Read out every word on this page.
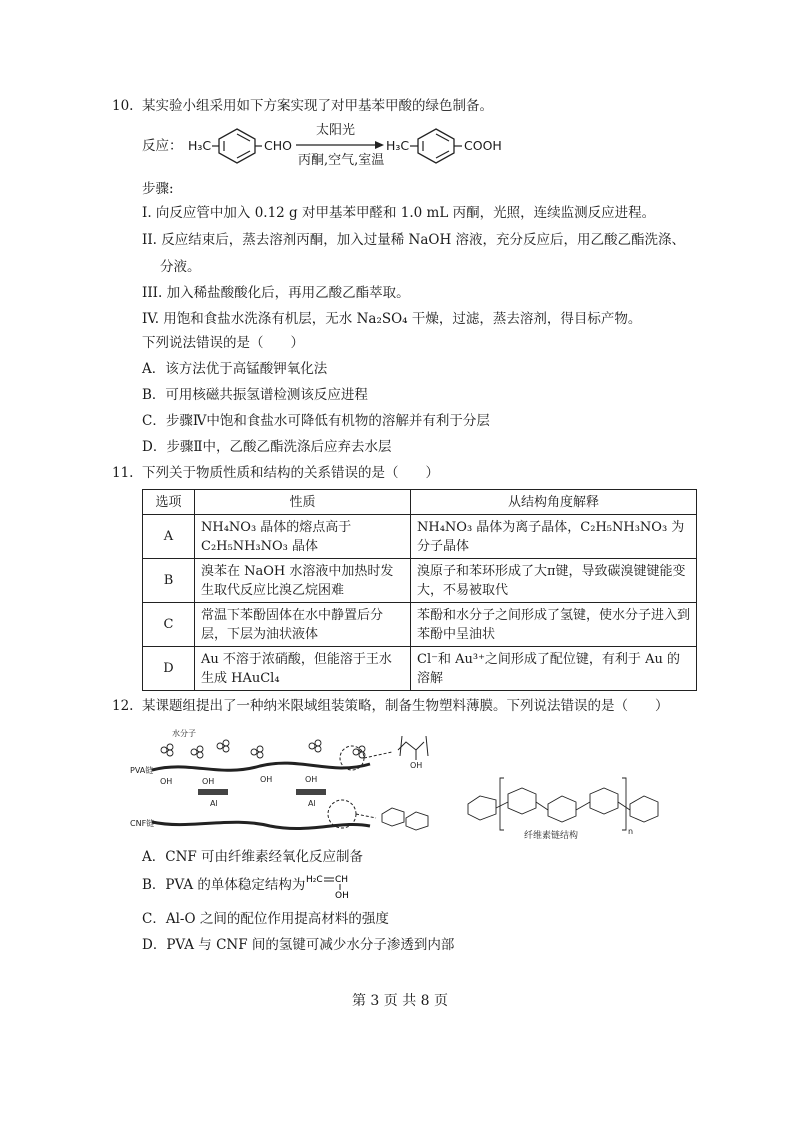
10. 某实验小组采用如下方案实现了对甲基苯甲酸的绿色制备。
反应： H₃C	CHO
太阳光
丙酮,空气,室温
H₃C	COOH
步骤:
I. 向反应管中加入 0.12 g 对甲基苯甲醛和 1.0 mL 丙酮，光照，连续监测反应进程。
II. 反应结束后，蒸去溶剂丙酮，加入过量稀 NaOH 溶液，充分反应后，用乙酸乙酯洗涤、
分液。
III. 加入稀盐酸酸化后，再用乙酸乙酯萃取。
IV. 用饱和食盐水洗涤有机层，无水 Na₂SO₄ 干燥，过滤，蒸去溶剂，得目标产物。
下列说法错误的是（　　）
A．该方法优于高锰酸钾氧化法
B．可用核磁共振氢谱检测该反应进程
C．步骤Ⅳ中饱和食盐水可降低有机物的溶解并有利于分层
D．步骤Ⅱ中，乙酸乙酯洗涤后应弃去水层
11. 下列关于物质性质和结构的关系错误的是（　　）
选项	性质	从结构角度解释
A	NH₄NO₃ 晶体的熔点高于 C₂H₅NH₃NO₃ 晶体	NH₄NO₃ 晶体为离子晶体，C₂H₅NH₃NO₃ 为分子晶体
B	溴苯在 NaOH 水溶液中加热时发生取代反应比溴乙烷困难	溴原子和苯环形成了大π键，导致碳溴键键能变大，不易被取代
C	常温下苯酚固体在水中静置后分层，下层为油状液体	苯酚和水分子之间形成了氢键，使水分子进入到苯酚中呈油状
D	Au 不溶于浓硝酸，但能溶于王水生成 HAuCl₄	Cl⁻和 Au³⁺之间形成了配位键，有利于 Au 的溶解
12. 某课题组提出了一种纳米限域组装策略，制备生物塑料薄膜。下列说法错误的是（　　）
水分子
PVA链
CNF链
OH	OH	OH	OH
Al	Al
OH
n
纤维素链结构
A．CNF 可由纤维素经氧化反应制备
B．PVA 的单体稳定结构为 H₂C CH
OH
C．Al-O 之间的配位作用提高材料的强度
D．PVA 与 CNF 间的氢键可减少水分子渗透到内部
第 3 页 共 8 页
